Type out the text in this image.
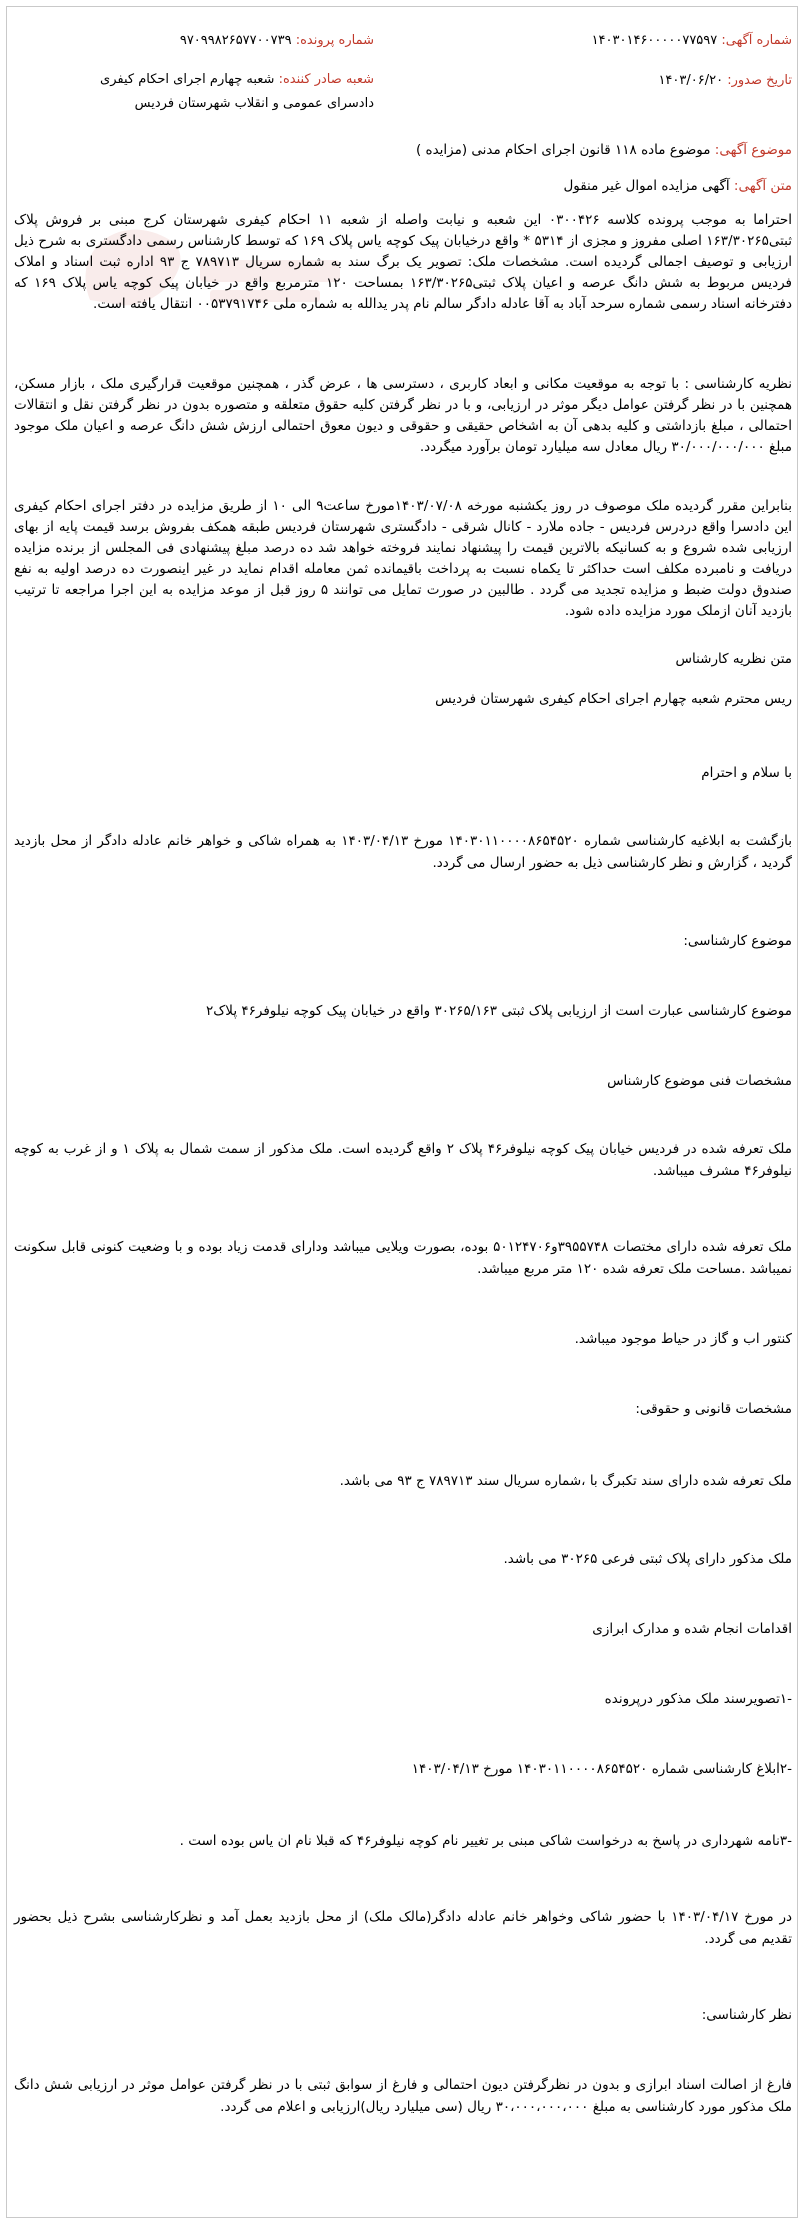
شماره آگهی: ۱۴۰۳۰۱۴۶۰۰۰۰۰۷۷۵۹۷
شماره پرونده: ۹۷۰۹۹۸۲۶۵۷۷۰۰۷۳۹
تاریخ صدور: ۱۴۰۳/۰۶/۲۰
شعبه صادر کننده: شعبه چهارم اجرای احکام کیفری دادسرای عمومی و انقلاب شهرستان فردیس
موضوع آگهی: موضوع ماده ۱۱۸ قانون اجرای احکام مدنی (مزایده )
متن آگهی: آگهی مزایده اموال غیر منقول
احتراما به موجب پرونده کلاسه ۰۳۰۰۴۲۶ این شعبه و نیابت واصله از شعبه ۱۱ احکام کیفری شهرستان کرج مبنی بر فروش پلاک ثبتی۱۶۳/۳۰۲۶۵ اصلی مفروز و مجزی از ۵۳۱۴ * واقع درخیابان پیک کوچه یاس پلاک ۱۶۹ که توسط کارشناس رسمی دادگستری به شرح ذیل ارزیابی و توصیف اجمالی گردیده است. مشخصات ملک: تصویر یک برگ سند به شماره سریال ۷۸۹۷۱۳ ج ۹۳ اداره ثبت اسناد و املاک فردیس مربوط به شش دانگ عرصه و اعیان پلاک ثبتی۱۶۳/۳۰۲۶۵ بمساحت ۱۲۰ مترمربع واقع در خیابان پیک کوچه یاس پلاک ۱۶۹ که دفترخانه اسناد رسمی شماره سرحد آباد به آقا عادله دادگر سالم نام پدر یدالله به شماره ملی ۰۰۵۳۷۹۱۷۴۶ انتقال یافته است.
نظریه کارشناسی : با توجه به موقعیت مکانی و ابعاد کاربری ، دسترسی ها ، عرض گذر ، همچنین موقعیت قرارگیری ملک ، بازار مسکن، همچنین با در نظر گرفتن عوامل دیگر موثر در ارزیابی، و با در نظر گرفتن کلیه حقوق متعلقه و متصوره بدون در نظر گرفتن نقل و انتقالات احتمالی ، مبلغ بازداشتی و کلیه بدهی آن به اشخاص حقیقی و حقوقی و دیون معوق احتمالی ارزش شش دانگ عرصه و اعیان ملک موجود مبلغ ۳۰/۰۰۰/۰۰۰/۰۰۰ ریال معادل سه میلیارد تومان برآورد میگردد.
بنابراین مقرر گردیده ملک موصوف در روز یکشنبه مورخه ۱۴۰۳/۰۷/۰۸مورخ ساعت۹ الی ۱۰ از طریق مزایده در دفتر اجرای احکام کیفری این دادسرا واقع دردرس فردیس - جاده ملارد - کانال شرقی - دادگستری شهرستان فردیس طبقه همکف بفروش برسد قیمت پایه از بهای ارزیابی شده شروع و به کسانیکه بالاترین قیمت را پیشنهاد نمایند فروخته خواهد شد ده درصد مبلغ پیشنهادی فی المجلس از برنده مزایده دریافت و نامبرده مکلف است حداکثر تا یکماه نسبت به پرداخت باقیمانده ثمن معامله اقدام نماید در غیر اینصورت ده درصد اولیه به نفع صندوق دولت ضبط و مزایده تجدید می گردد . طالبین در صورت تمایل می توانند ۵ روز قبل از موعد مزایده به این اجرا مراجعه تا ترتیب بازدید آنان ازملک مورد مزایده داده شود.
متن نظریه کارشناس
ریس محترم شعبه چهارم اجرای احکام کیفری شهرستان فردیس
با سلام و احترام
بازگشت به ابلاغیه کارشناسی شماره ۱۴۰۳۰۱۱۰۰۰۰۸۶۵۴۵۲۰ مورخ ۱۴۰۳/۰۴/۱۳ به همراه شاکی و خواهر خانم عادله دادگر از محل بازدید گردید ، گزارش و نظر کارشناسی ذیل به حضور ارسال می گردد.
موضوع کارشناسی:
موضوع کارشناسی عبارت است از ارزیابی پلاک ثبتی ۳۰۲۶۵/۱۶۳ واقع در خیابان پیک کوچه نیلوفر۴۶ پلاک۲
مشخصات فنی موضوع کارشناس
ملک تعرفه شده در فردیس خیابان پیک کوچه نیلوفر۴۶ پلاک ۲ واقع گردیده است. ملک مذکور از سمت شمال به پلاک ۱ و از غرب به کوچه نیلوفر۴۶ مشرف میباشد.
ملک تعرفه شده دارای مختصات ۳۹۵۵۷۴۸و۵۰۱۲۴۷۰۶ بوده، بصورت ویلایی میباشد ودارای قدمت زیاد بوده و با وضعیت کنونی قابل سکونت نمیباشد .مساحت ملک تعرفه شده ۱۲۰ متر مربع میباشد.
کنتور اب و گاز در حیاط موجود میباشد.
مشخصات قانونی و حقوقی:
ملک تعرفه شده دارای سند تکبرگ با ،شماره سریال سند ۷۸۹۷۱۳ ج ۹۳ می باشد.
ملک مذکور دارای پلاک ثبتی فرعی ۳۰۲۶۵ می باشد.
اقدامات انجام شده و مدارک ابرازی
-۱تصویرسند ملک مذکور درپرونده
-۲ابلاغ کارشناسی شماره ۱۴۰۳۰۱۱۰۰۰۰۸۶۵۴۵۲۰ مورخ ۱۴۰۳/۰۴/۱۳
-۳نامه شهرداری در پاسخ به درخواست شاکی مبنی بر تغییر نام کوچه نیلوفر۴۶ که قبلا نام ان یاس بوده است .
در مورخ ۱۴۰۳/۰۴/۱۷ با حضور شاکی وخواهر خانم عادله دادگر(مالک ملک) از محل بازدید بعمل آمد و نظرکارشناسی بشرح ذیل بحضور تقدیم می گردد.
نظر کارشناسی:
فارغ از اصالت اسناد ابرازی و بدون در نظرگرفتن دیون احتمالی و فارغ از سوابق ثبتی با در نظر گرفتن عوامل موثر در ارزیابی شش دانگ ملک مذکور مورد کارشناسی به مبلغ ۳۰،۰۰۰،۰۰۰،۰۰۰ ریال (سی میلیارد ریال)ارزیابی و اعلام می گردد.
